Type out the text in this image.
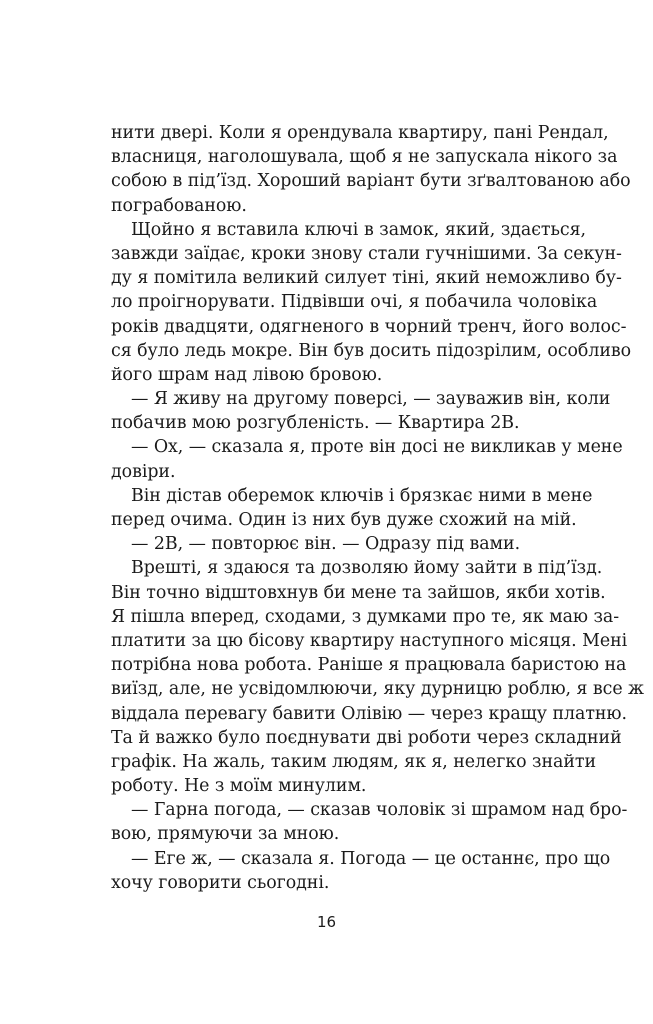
нити двері. Коли я орендувала квартиру, пані Рендал,
власниця, наголошувала, щоб я не запускала нікого за
собою в під’їзд. Хороший варіант бути зґвалтованою або
пограбованою.
Щойно я вставила ключі в замок, який, здається,
завжди заїдає, кроки знову стали гучнішими. За секун-
ду я помітила великий силует тіні, який неможливо бу-
ло проігнорувати. Підвівши очі, я побачила чоловіка
років двадцяти, одягненого в чорний тренч, його волос-
ся було ледь мокре. Він був досить підозрілим, особливо
його шрам над лівою бровою.
— Я живу на другому поверсі, — зауважив він, коли
побачив мою розгубленість. — Квартира 2В.
— Ох, — сказала я, проте він досі не викликав у мене
довіри.
Він дістав оберемок ключів і брязкає ними в мене
перед очима. Один із них був дуже схожий на мій.
— 2В, — повторює він. — Одразу під вами.
Врешті, я здаюся та дозволяю йому зайти в під’їзд.
Він точно відштовхнув би мене та зайшов, якби хотів.
Я пішла вперед, сходами, з думками про те, як маю за-
платити за цю бісову квартиру наступного місяця. Мені
потрібна нова робота. Раніше я працювала баристою на
виїзд, але, не усвідомлюючи, яку дурницю роблю, я все ж
віддала перевагу бавити Олівію — через кращу платню.
Та й важко було поєднувати дві роботи через складний
графік. На жаль, таким людям, як я, нелегко знайти
роботу. Не з моїм минулим.
— Гарна погода, — сказав чоловік зі шрамом над бро-
вою, прямуючи за мною.
— Еге ж, — сказала я. Погода — це останнє, про що
хочу говорити сьогодні.
16
